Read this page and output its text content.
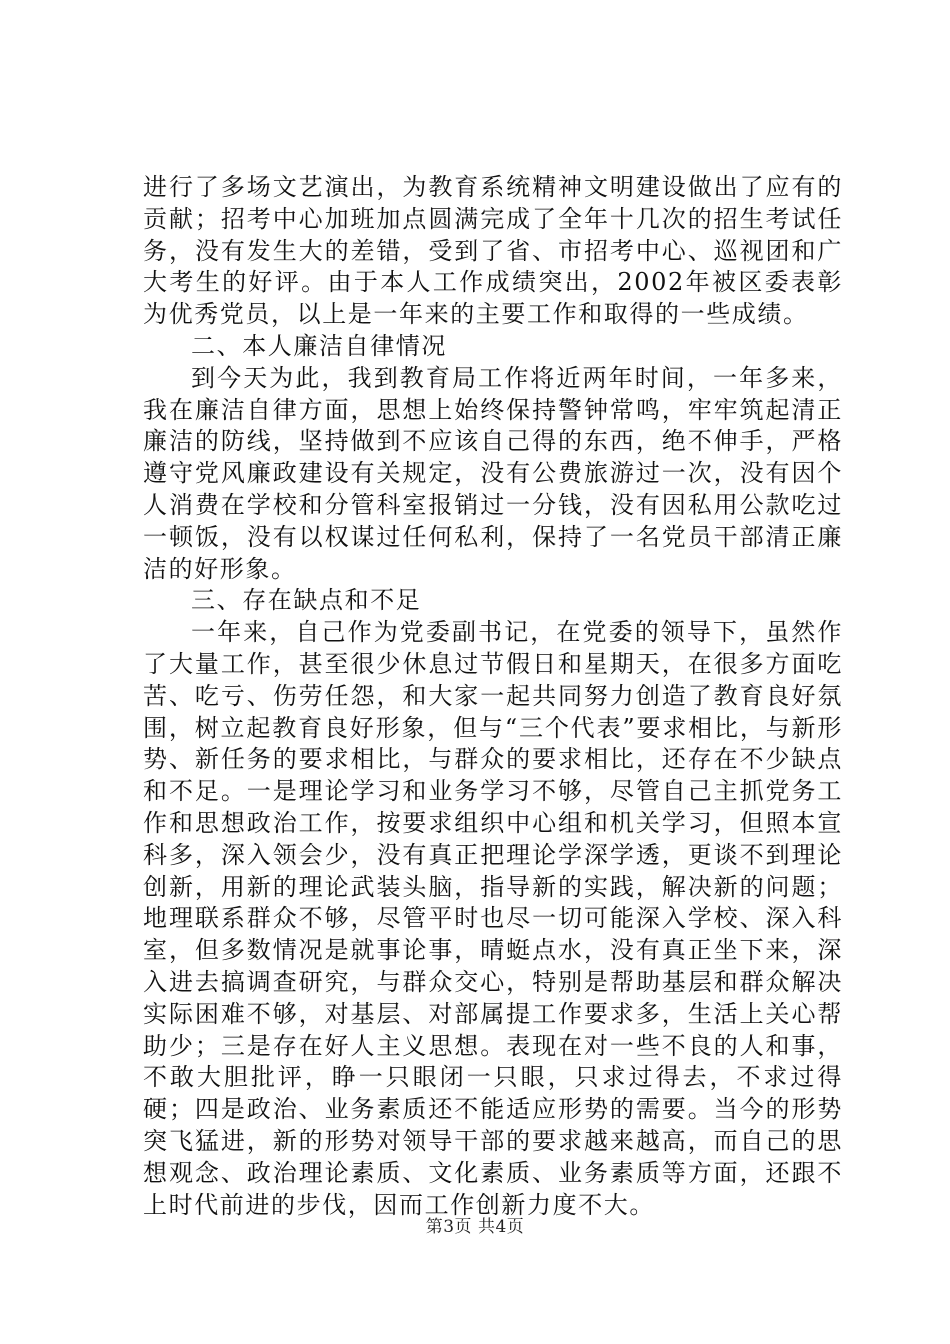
进行了多场文艺演出，为教育系统精神文明建设做出了应有的贡献；招考中心加班加点圆满完成了全年十几次的招生考试任务，没有发生大的差错，受到了省、市招考中心、巡视团和广大考生的好评。由于本人工作成绩突出，2002年被区委表彰为优秀党员，以上是一年来的主要工作和取得的一些成绩。

二、本人廉洁自律情况

到今天为此，我到教育局工作将近两年时间，一年多来，我在廉洁自律方面，思想上始终保持警钟常鸣，牢牢筑起清正廉洁的防线，坚持做到不应该自己得的东西，绝不伸手，严格遵守党风廉政建设有关规定，没有公费旅游过一次，没有因个人消费在学校和分管科室报销过一分钱，没有因私用公款吃过一顿饭，没有以权谋过任何私利，保持了一名党员干部清正廉洁的好形象。

三、存在缺点和不足

一年来，自己作为党委副书记，在党委的领导下，虽然作了大量工作，甚至很少休息过节假日和星期天，在很多方面吃苦、吃亏、伤劳任怨，和大家一起共同努力创造了教育良好氛围，树立起教育良好形象，但与“三个代表”要求相比，与新形势、新任务的要求相比，与群众的要求相比，还存在不少缺点和不足。一是理论学习和业务学习不够，尽管自己主抓党务工作和思想政治工作，按要求组织中心组和机关学习，但照本宣科多，深入领会少，没有真正把理论学深学透，更谈不到理论创新，用新的理论武装头脑，指导新的实践，解决新的问题；地理联系群众不够，尽管平时也尽一切可能深入学校、深入科室，但多数情况是就事论事，晴蜓点水，没有真正坐下来，深入进去搞调查研究，与群众交心，特别是帮助基层和群众解决实际困难不够，对基层、对部属提工作要求多，生活上关心帮助少；三是存在好人主义思想。表现在对一些不良的人和事，不敢大胆批评，睁一只眼闭一只眼，只求过得去，不求过得硬；四是政治、业务素质还不能适应形势的需要。当今的形势突飞猛进，新的形势对领导干部的要求越来越高，而自己的思想观念、政治理论素质、文化素质、业务素质等方面，还跟不上时代前进的步伐，因而工作创新力度不大。

第3页 共4页
